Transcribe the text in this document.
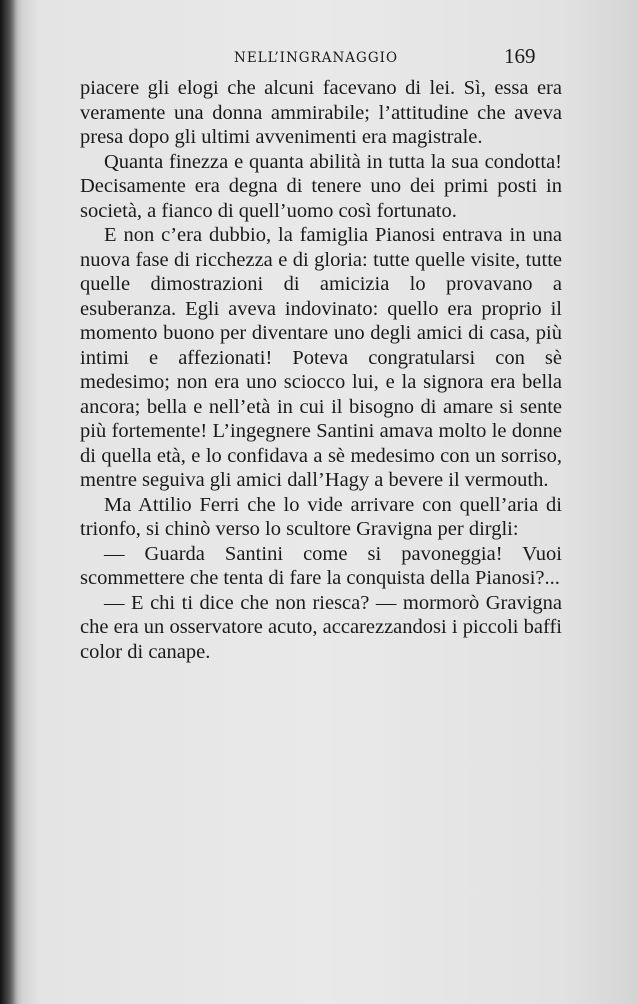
NELL’INGRANAGGIO	169

piacere gli elogi che alcuni facevano di lei. Sì, essa era veramente una donna ammirabile; l’attitudine che aveva presa dopo gli ultimi avvenimenti era magistrale.

Quanta finezza e quanta abilità in tutta la sua condotta! Decisamente era degna di tenere uno dei primi posti in società, a fianco di quell’uomo così fortunato.

E non c’era dubbio, la famiglia Pianosi entrava in una nuova fase di ricchezza e di gloria: tutte quelle visite, tutte quelle dimostrazioni di amicizia lo provavano a esuberanza. Egli aveva indovinato: quello era proprio il momento buono per diventare uno degli amici di casa, più intimi e affezionati! Poteva congratularsi con sè medesimo; non era uno sciocco lui, e la signora era bella ancora; bella e nell’età in cui il bisogno di amare si sente più fortemente! L’ingegnere Santini amava molto le donne di quella età, e lo confidava a sè medesimo con un sorriso, mentre seguiva gli amici dall’Hagy a bevere il vermouth.

Ma Attilio Ferri che lo vide arrivare con quell’aria di trionfo, si chinò verso lo scultore Gravigna per dirgli:

— Guarda Santini come si pavoneggia! Vuoi scommettere che tenta di fare la conquista della Pianosi?...

— E chi ti dice che non riesca? — mormorò Gravigna che era un osservatore acuto, accarezzandosi i piccoli baffi color di canape.
